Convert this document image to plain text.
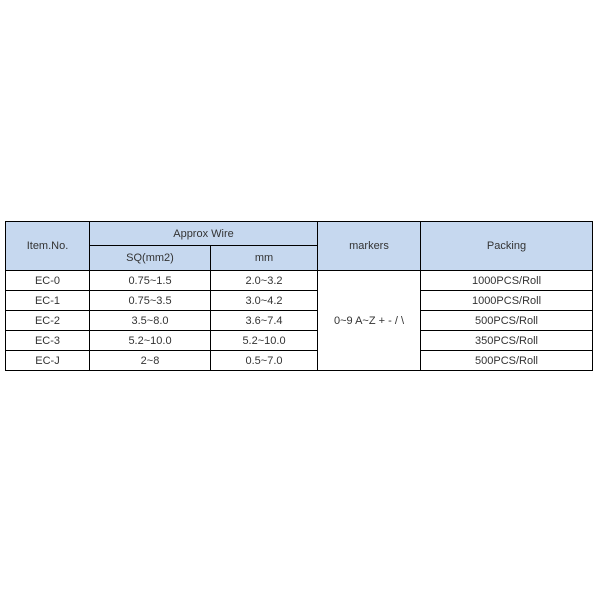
Item.No.	Approx Wire		markers	Packing
	SQ(mm2)	mm		
EC-0	0.75~1.5	2.0~3.2	0~9 A~Z + - / \	1000PCS/Roll
EC-1	0.75~3.5	3.0~4.2		1000PCS/Roll
EC-2	3.5~8.0	3.6~7.4		500PCS/Roll
EC-3	5.2~10.0	5.2~10.0		350PCS/Roll
EC-J	2~8	0.5~7.0		500PCS/Roll
